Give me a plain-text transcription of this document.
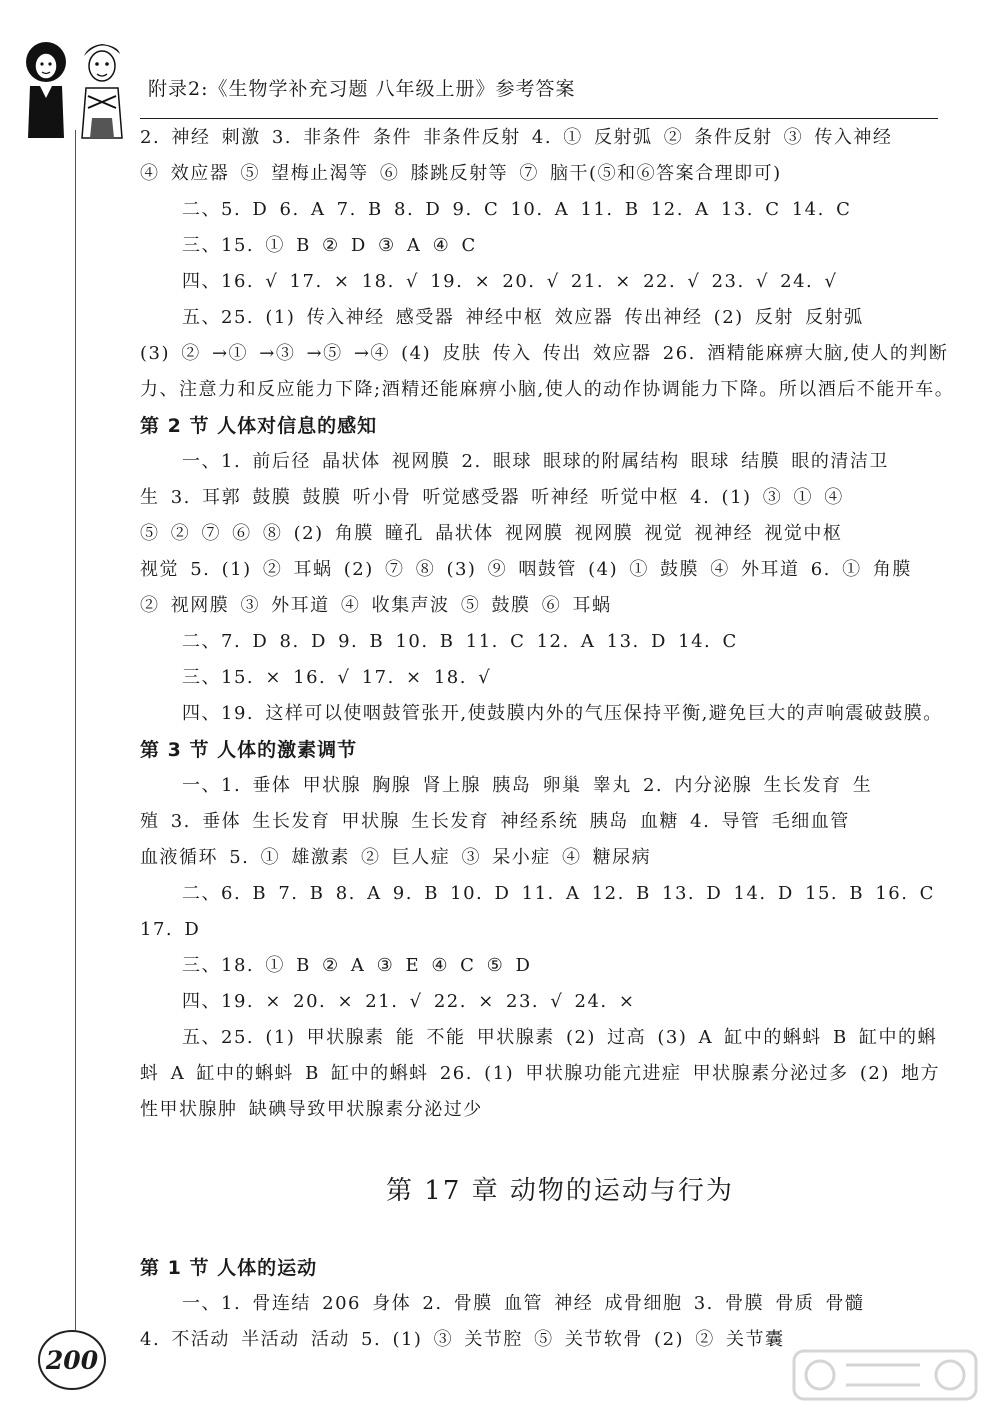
附录2:《生物学补充习题 八年级上册》参考答案
2. 神经 刺激 3. 非条件 条件 非条件反射 4. ① 反射弧 ② 条件反射 ③ 传入神经
④ 效应器 ⑤ 望梅止渴等 ⑥ 膝跳反射等 ⑦ 脑干(⑤和⑥答案合理即可)
二、5. D 6. A 7. B 8. D 9. C 10. A 11. B 12. A 13. C 14. C
三、15. ① B ② D ③ A ④ C
四、16. √ 17. × 18. √ 19. × 20. √ 21. × 22. √ 23. √ 24. √
五、25. (1) 传入神经 感受器 神经中枢 效应器 传出神经 (2) 反射 反射弧
(3) ② →① →③ →⑤ →④ (4) 皮肤 传入 传出 效应器 26. 酒精能麻痹大脑,使人的判断
力、注意力和反应能力下降;酒精还能麻痹小脑,使人的动作协调能力下降。所以酒后不能开车。
第 2 节 人体对信息的感知
一、1. 前后径 晶状体 视网膜 2. 眼球 眼球的附属结构 眼球 结膜 眼的清洁卫
生 3. 耳郭 鼓膜 鼓膜 听小骨 听觉感受器 听神经 听觉中枢 4. (1) ③ ① ④
⑤ ② ⑦ ⑥ ⑧ (2) 角膜 瞳孔 晶状体 视网膜 视网膜 视觉 视神经 视觉中枢
视觉 5. (1) ② 耳蜗 (2) ⑦ ⑧ (3) ⑨ 咽鼓管 (4) ① 鼓膜 ④ 外耳道 6. ① 角膜
② 视网膜 ③ 外耳道 ④ 收集声波 ⑤ 鼓膜 ⑥ 耳蜗
二、7. D 8. D 9. B 10. B 11. C 12. A 13. D 14. C
三、15. × 16. √ 17. × 18. √
四、19. 这样可以使咽鼓管张开,使鼓膜内外的气压保持平衡,避免巨大的声响震破鼓膜。
第 3 节 人体的激素调节
一、1. 垂体 甲状腺 胸腺 肾上腺 胰岛 卵巢 睾丸 2. 内分泌腺 生长发育 生
殖 3. 垂体 生长发育 甲状腺 生长发育 神经系统 胰岛 血糖 4. 导管 毛细血管
血液循环 5. ① 雄激素 ② 巨人症 ③ 呆小症 ④ 糖尿病
二、6. B 7. B 8. A 9. B 10. D 11. A 12. B 13. D 14. D 15. B 16. C
17. D
三、18. ① B ② A ③ E ④ C ⑤ D
四、19. × 20. × 21. √ 22. × 23. √ 24. ×
五、25. (1) 甲状腺素 能 不能 甲状腺素 (2) 过高 (3) A 缸中的蝌蚪 B 缸中的蝌
蚪 A 缸中的蝌蚪 B 缸中的蝌蚪 26. (1) 甲状腺功能亢进症 甲状腺素分泌过多 (2) 地方
性甲状腺肿 缺碘导致甲状腺素分泌过少
第 17 章 动物的运动与行为
第 1 节 人体的运动
一、1. 骨连结 206 身体 2. 骨膜 血管 神经 成骨细胞 3. 骨膜 骨质 骨髓
4. 不活动 半活动 活动 5. (1) ③ 关节腔 ⑤ 关节软骨 (2) ② 关节囊
200
